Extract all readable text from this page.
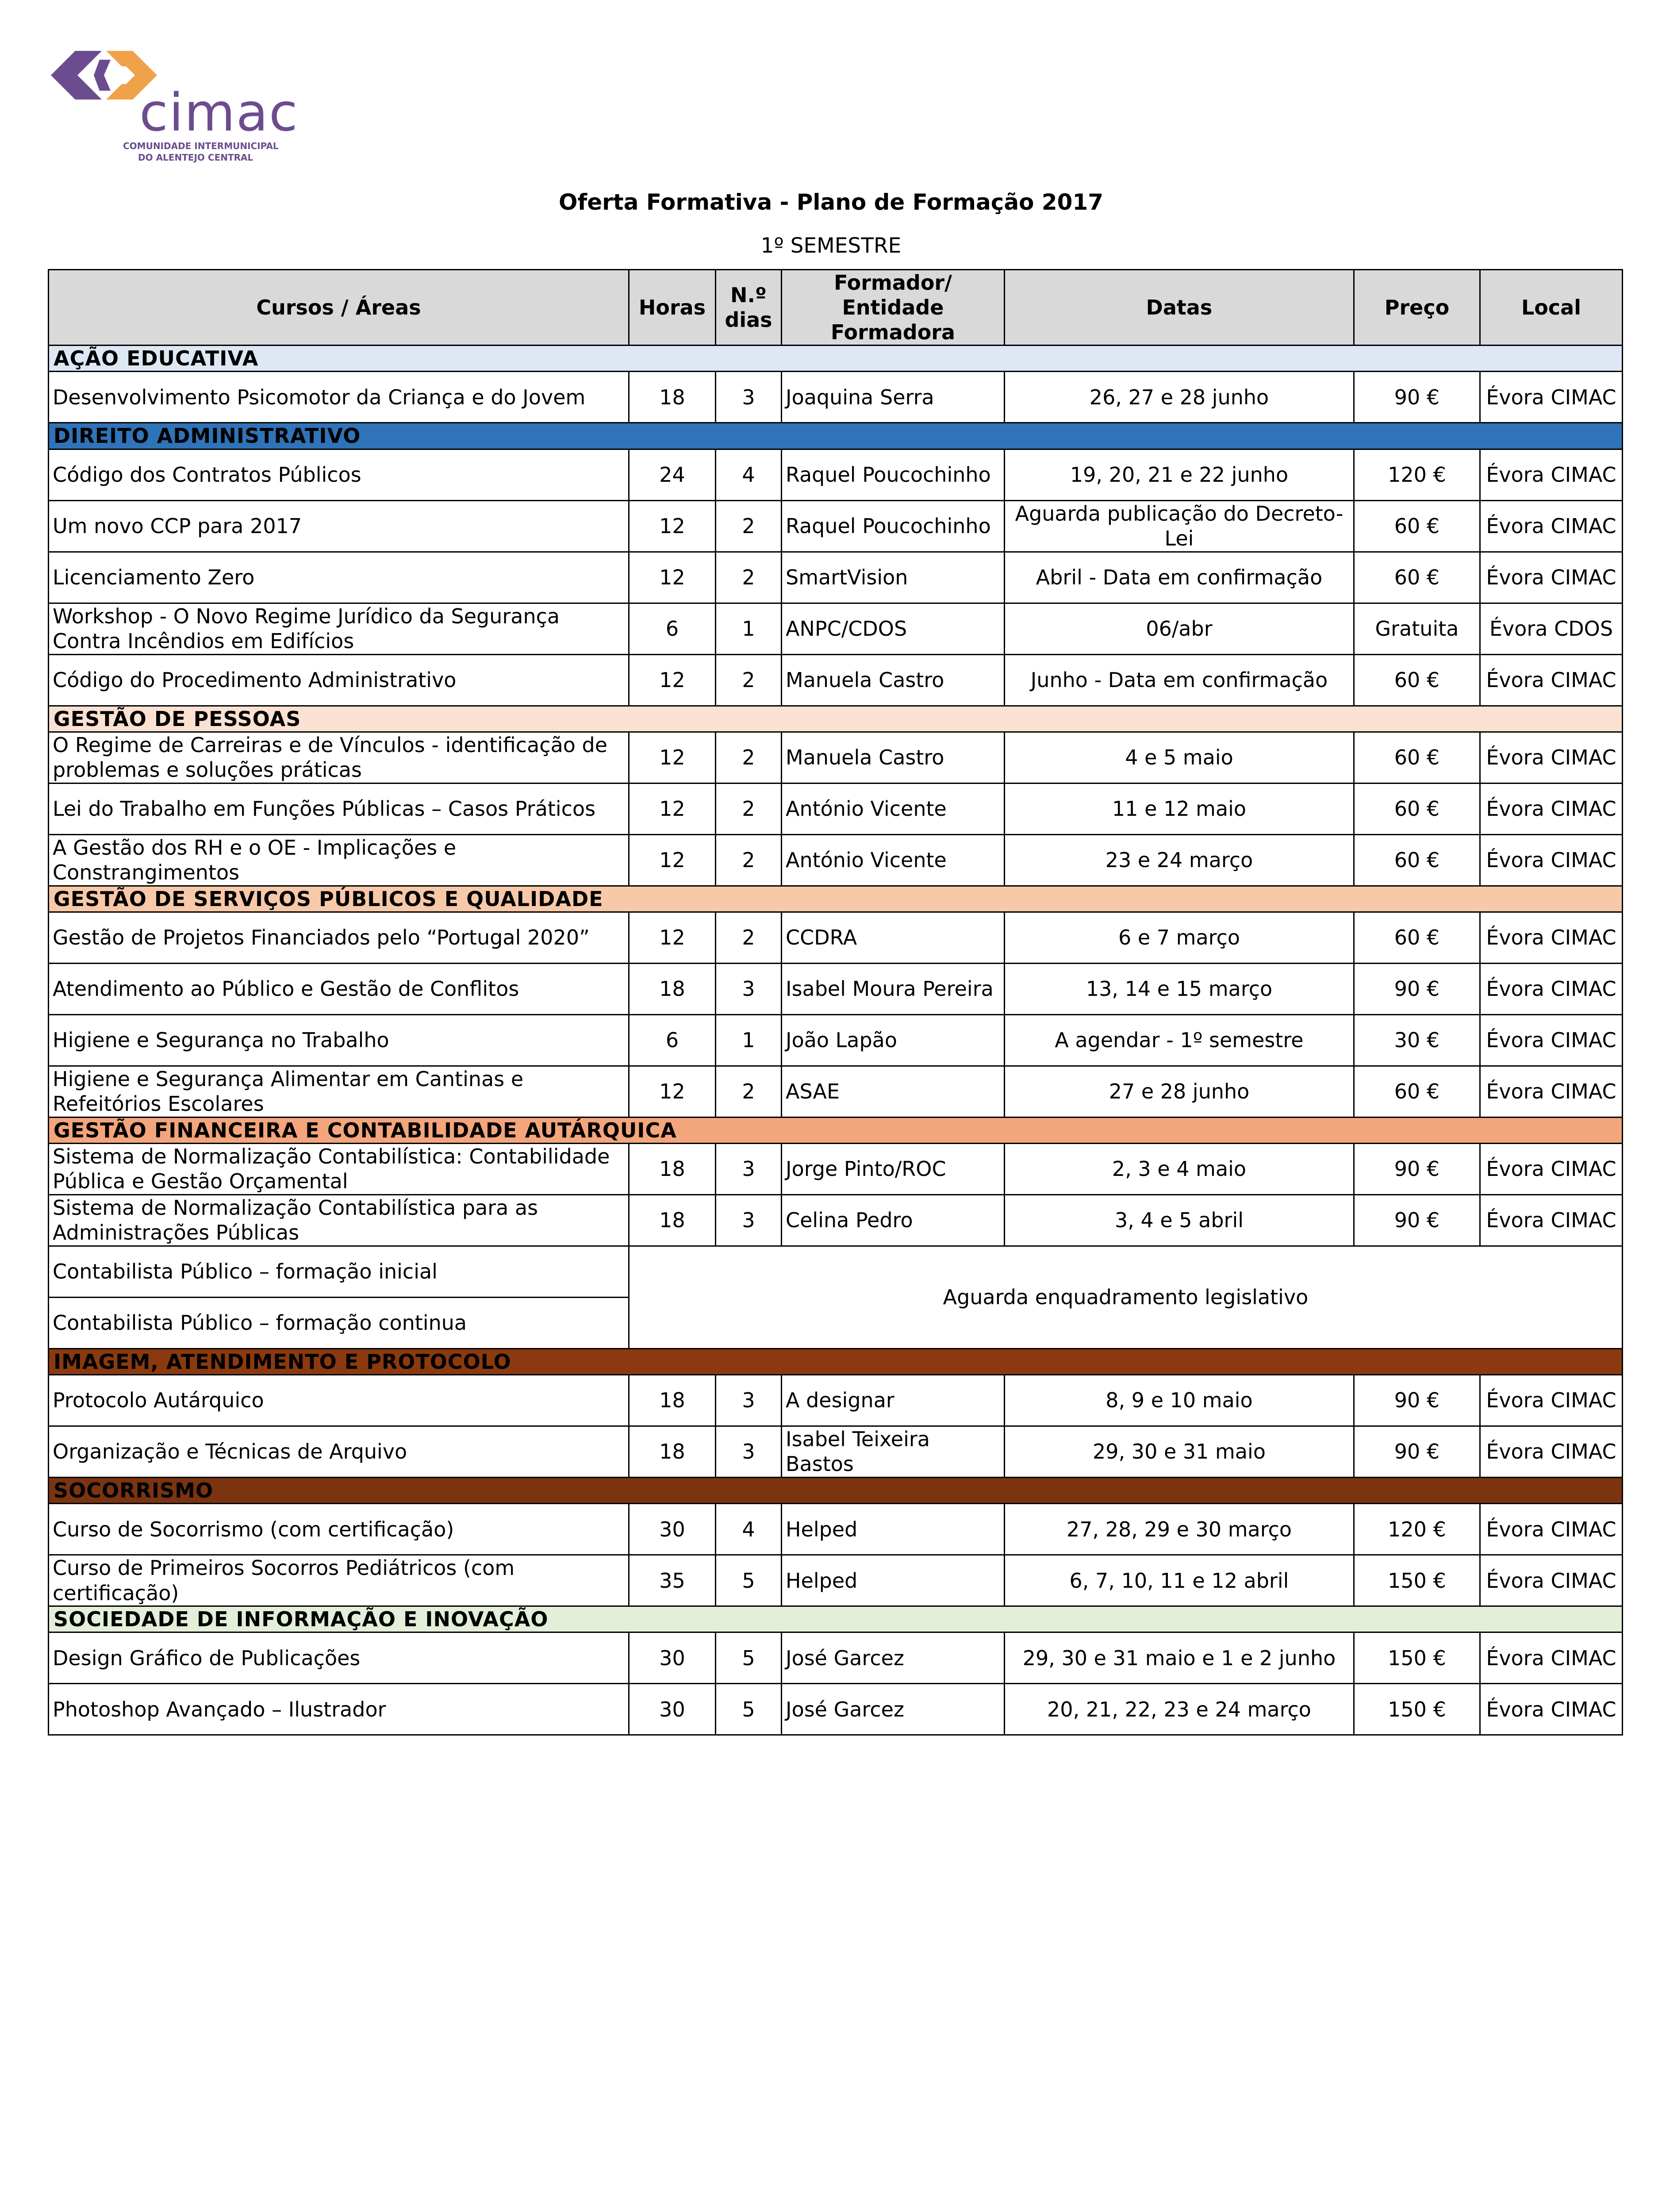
cimac
COMUNIDADE INTERMUNICIPAL
DO ALENTEJO CENTRAL
Oferta Formativa - Plano de Formação 2017
1º SEMESTRE
Cursos / Áreas	Horas	N.º dias	Formador/ Entidade Formadora	Datas	Preço	Local
AÇÃO EDUCATIVA						
Desenvolvimento Psicomotor da Criança e do Jovem	18	3	Joaquina Serra	26, 27 e 28 junho	90 €	Évora CIMAC
DIREITO ADMINISTRATIVO						
Código dos Contratos Públicos	24	4	Raquel Poucochinho	19, 20, 21 e 22 junho	120 €	Évora CIMAC
Um novo CCP para 2017	12	2	Raquel Poucochinho	Aguarda publicação do Decreto-Lei	60 €	Évora CIMAC
Licenciamento Zero	12	2	SmartVision	Abril - Data em confirmação	60 €	Évora CIMAC
Workshop - O Novo Regime Jurídico da Segurança Contra Incêndios em Edifícios	6	1	ANPC/CDOS	06/abr	Gratuita	Évora CDOS
Código do Procedimento Administrativo	12	2	Manuela Castro	Junho - Data em confirmação	60 €	Évora CIMAC
GESTÃO DE PESSOAS						
O Regime de Carreiras e de Vínculos - identificação de problemas e soluções práticas	12	2	Manuela Castro	4 e 5 maio	60 €	Évora CIMAC
Lei do Trabalho em Funções Públicas – Casos Práticos	12	2	António Vicente	11 e 12 maio	60 €	Évora CIMAC
A Gestão dos RH e o OE - Implicações e Constrangimentos	12	2	António Vicente	23 e 24 março	60 €	Évora CIMAC
GESTÃO DE SERVIÇOS PÚBLICOS E QUALIDADE						
Gestão de Projetos Financiados pelo “Portugal 2020”	12	2	CCDRA	6 e 7 março	60 €	Évora CIMAC
Atendimento ao Público e Gestão de Conflitos	18	3	Isabel Moura Pereira	13, 14 e 15 março	90 €	Évora CIMAC
Higiene e Segurança no Trabalho	6	1	João Lapão	A agendar - 1º semestre	30 €	Évora CIMAC
Higiene e Segurança Alimentar em Cantinas e Refeitórios Escolares	12	2	ASAE	27 e 28 junho	60 €	Évora CIMAC
GESTÃO FINANCEIRA E CONTABILIDADE AUTÁRQUICA						
Sistema de Normalização Contabilística: Contabilidade Pública e Gestão Orçamental	18	3	Jorge Pinto/ROC	2, 3 e 4 maio	90 €	Évora CIMAC
Sistema de Normalização Contabilística para as Administrações Públicas	18	3	Celina Pedro	3, 4 e 5 abril	90 €	Évora CIMAC
Contabilista Público – formação inicial	Aguarda enquadramento legislativo					
Contabilista Público – formação continua						
IMAGEM, ATENDIMENTO E PROTOCOLO						
Protocolo Autárquico	18	3	A designar	8, 9 e 10 maio	90 €	Évora CIMAC
Organização e Técnicas de Arquivo	18	3	Isabel Teixeira Bastos	29, 30 e 31 maio	90 €	Évora CIMAC
SOCORRISMO						
Curso de Socorrismo (com certificação)	30	4	Helped	27, 28, 29 e 30 março	120 €	Évora CIMAC
Curso de Primeiros Socorros Pediátricos (com certificação)	35	5	Helped	6, 7, 10, 11 e 12 abril	150 €	Évora CIMAC
SOCIEDADE DE INFORMAÇÃO E INOVAÇÃO						
Design Gráfico de Publicações	30	5	José Garcez	29, 30 e 31 maio e 1 e 2 junho	150 €	Évora CIMAC
Photoshop Avançado – Ilustrador	30	5	José Garcez	20, 21, 22, 23 e 24 março	150 €	Évora CIMAC
